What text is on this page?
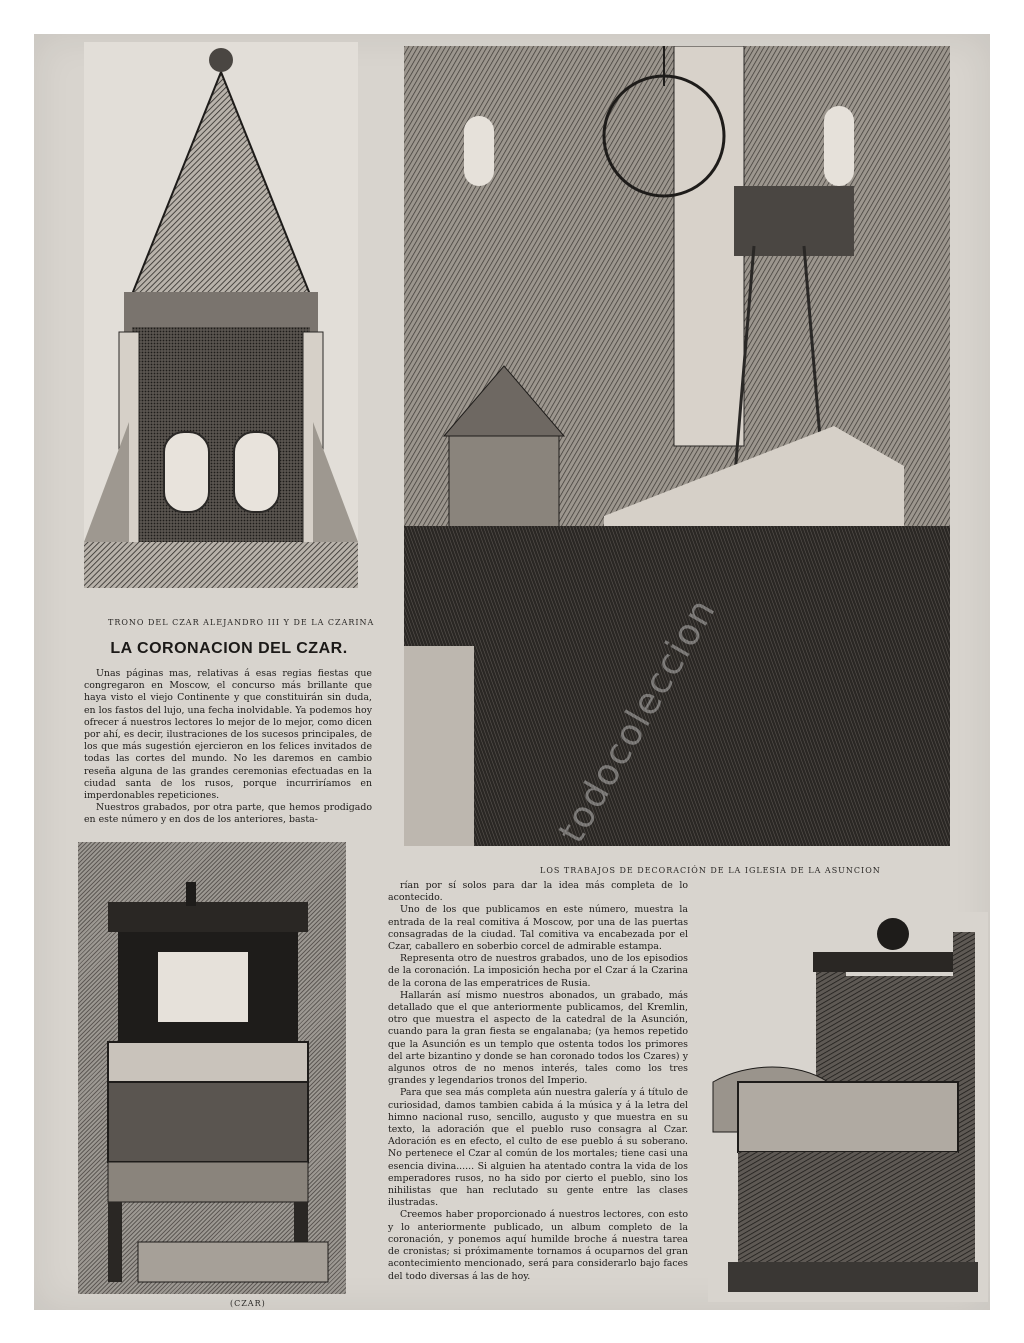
TRONO DEL CZAR ALEJANDRO III Y DE LA CZARINA
LA CORONACION DEL CZAR.

Unas páginas mas, relativas á esas regias fiestas que congregaron en Moscow, el concurso más brillante que haya visto el viejo Continente y que constituirán sin duda, en los fastos del lujo, una fecha inolvidable. Ya podemos hoy ofrecer á nuestros lectores lo mejor de lo mejor, como dicen por ahí, es decir, ilustraciones de los sucesos principales, de los que más sugestión ejercieron en los felices invitados de todas las cortes del mundo. No les daremos en cambio reseña alguna de las grandes ceremonias efectuadas en la ciudad santa de los rusos, porque incurriríamos en imperdonables repeticiones.

Nuestros grabados, por otra parte, que hemos prodigado en este número y en dos de los anteriores, basta-

LOS TRABAJOS DE DECORACIÓN DE LA IGLESIA DE LA ASUNCION
(CZAR)

rían por sí solos para dar la idea más completa de lo acontecido.

Uno de los que publicamos en este número, muestra la entrada de la real comitiva á Moscow, por una de las puertas consagradas de la ciudad. Tal comitiva va encabezada por el Czar, caballero en soberbio corcel de admirable estampa.

Representa otro de nuestros grabados, uno de los episodios de la coronación. La imposición hecha por el Czar á la Czarina de la corona de las emperatrices de Rusia.

Hallarán así mismo nuestros abonados, un grabado, más detallado que el que anteriormente publicamos, del Kremlin, otro que muestra el aspecto de la catedral de la Asunción, cuando para la gran fiesta se engalanaba; (ya hemos repetido que la Asunción es un templo que ostenta todos los primores del arte bizantino y donde se han coronado todos los Czares) y algunos otros de no menos interés, tales como los tres grandes y legendarios tronos del Imperio.

Para que sea más completa aún nuestra galería y á título de curiosidad, damos tambien cabida á la música y á la letra del himno nacional ruso, sencillo, augusto y que muestra en su texto, la adoración que el pueblo ruso consagra al Czar. Adoración es en efecto, el culto de ese pueblo á su soberano. No pertenece el Czar al común de los mortales; tiene casi una esencia divina...... Si alguien ha atentado contra la vida de los emperadores rusos, no ha sido por cierto el pueblo, sino los nihilistas que han reclutado su gente entre las clases ilustradas.

Creemos haber proporcionado á nuestros lectores, con esto y lo anteriormente publicado, un album completo de la coronación, y ponemos aquí humilde broche á nuestra tarea de cronistas; si próximamente tornamos á ocuparnos del gran acontecimiento mencionado, será para considerarlo bajo faces del todo diversas á las de hoy.

todocoleccion
